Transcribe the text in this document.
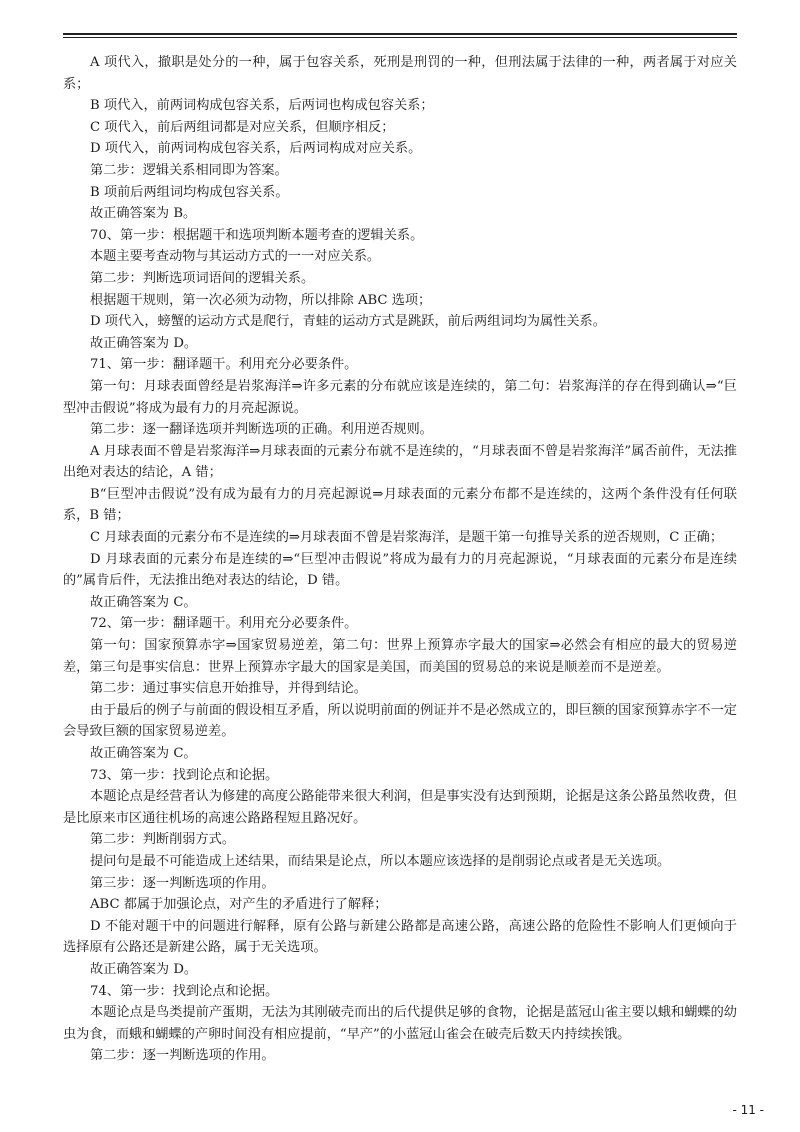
A 项代入，撤职是处分的一种，属于包容关系，死刑是刑罚的一种，但刑法属于法律的一种，两者属于对应关系；

B 项代入，前两词构成包容关系，后两词也构成包容关系；

C 项代入，前后两组词都是对应关系，但顺序相反；

D 项代入，前两词构成包容关系，后两词构成对应关系。

第二步：逻辑关系相同即为答案。

B 项前后两组词均构成包容关系。

故正确答案为 B。

70、第一步：根据题干和选项判断本题考查的逻辑关系。

本题主要考查动物与其运动方式的一一对应关系。

第二步：判断选项词语间的逻辑关系。

根据题干规则，第一次必须为动物，所以排除 ABC 选项；

D 项代入，螃蟹的运动方式是爬行，青蛙的运动方式是跳跃，前后两组词均为属性关系。

故正确答案为 D。

71、第一步：翻译题干。利用充分必要条件。

第一句：月球表面曾经是岩浆海洋⇒许多元素的分布就应该是连续的，第二句：岩浆海洋的存在得到确认⇒“巨型冲击假说”将成为最有力的月亮起源说。

第二步：逐一翻译选项并判断选项的正确。利用逆否规则。

A 月球表面不曾是岩浆海洋⇒月球表面的元素分布就不是连续的，“月球表面不曾是岩浆海洋”属否前件，无法推出绝对表达的结论，A 错；

B“巨型冲击假说”没有成为最有力的月亮起源说⇒月球表面的元素分布都不是连续的，这两个条件没有任何联系，B 错；

C 月球表面的元素分布不是连续的⇒月球表面不曾是岩浆海洋，是题干第一句推导关系的逆否规则，C 正确；

D 月球表面的元素分布是连续的⇒“巨型冲击假说”将成为最有力的月亮起源说，“月球表面的元素分布是连续的”属肯后件，无法推出绝对表达的结论，D 错。

故正确答案为 C。

72、第一步：翻译题干。利用充分必要条件。

第一句：国家预算赤字⇒国家贸易逆差，第二句：世界上预算赤字最大的国家⇒必然会有相应的最大的贸易逆差，第三句是事实信息：世界上预算赤字最大的国家是美国，而美国的贸易总的来说是顺差而不是逆差。

第二步：通过事实信息开始推导，并得到结论。

由于最后的例子与前面的假设相互矛盾，所以说明前面的例证并不是必然成立的，即巨额的国家预算赤字不一定会导致巨额的国家贸易逆差。

故正确答案为 C。

73、第一步：找到论点和论据。

本题论点是经营者认为修建的高度公路能带来很大利润，但是事实没有达到预期，论据是这条公路虽然收费，但是比原来市区通往机场的高速公路路程短且路况好。

第二步：判断削弱方式。

提问句是最不可能造成上述结果，而结果是论点，所以本题应该选择的是削弱论点或者是无关选项。

第三步：逐一判断选项的作用。

ABC 都属于加强论点，对产生的矛盾进行了解释；

D 不能对题干中的问题进行解释，原有公路与新建公路都是高速公路，高速公路的危险性不影响人们更倾向于选择原有公路还是新建公路，属于无关选项。

故正确答案为 D。

74、第一步：找到论点和论据。

本题论点是鸟类提前产蛋期，无法为其刚破壳而出的后代提供足够的食物，论据是蓝冠山雀主要以蛾和蝴蝶的幼虫为食，而蛾和蝴蝶的产卵时间没有相应提前，“早产”的小蓝冠山雀会在破壳后数天内持续挨饿。

第二步：逐一判断选项的作用。

- 11 -
